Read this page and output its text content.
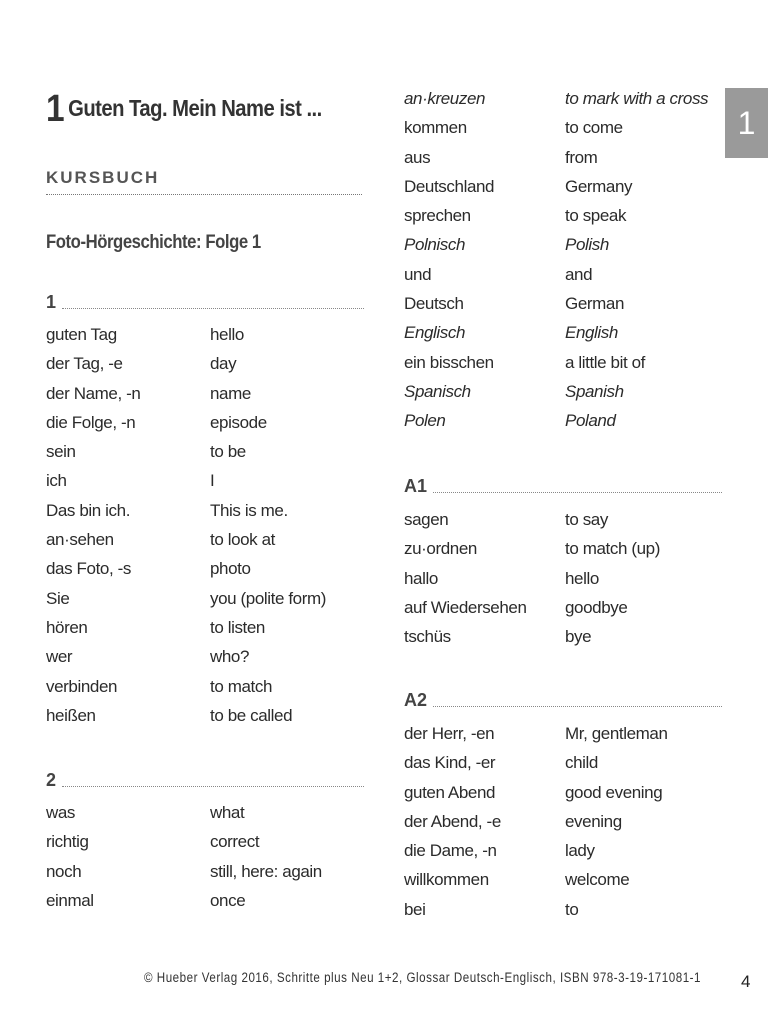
1 Guten Tag. Mein Name ist ...
KURSBUCH
Foto-Hörgeschichte: Folge 1
1
guten Tag	hello
der Tag, -e	day
der Name, -n	name
die Folge, -n	episode
sein	to be
ich	I
Das bin ich.	This is me.
an·sehen	to look at
das Foto, -s	photo
Sie	you (polite form)
hören	to listen
wer	who?
verbinden	to match
heißen	to be called
2
was	what
richtig	correct
noch	still, here: again
einmal	once
an·kreuzen	to mark with a cross
kommen	to come
aus	from
Deutschland	Germany
sprechen	to speak
Polnisch	Polish
und	and
Deutsch	German
Englisch	English
ein bisschen	a little bit of
Spanisch	Spanish
Polen	Poland
A1
sagen	to say
zu·ordnen	to match (up)
hallo	hello
auf Wiedersehen	goodbye
tschüs	bye
A2
der Herr, -en	Mr, gentleman
das Kind, -er	child
guten Abend	good evening
der Abend, -e	evening
die Dame, -n	lady
willkommen	welcome
bei	to
1
© Hueber Verlag 2016, Schritte plus Neu 1+2, Glossar Deutsch-Englisch, ISBN 978-3-19-171081-1 4
